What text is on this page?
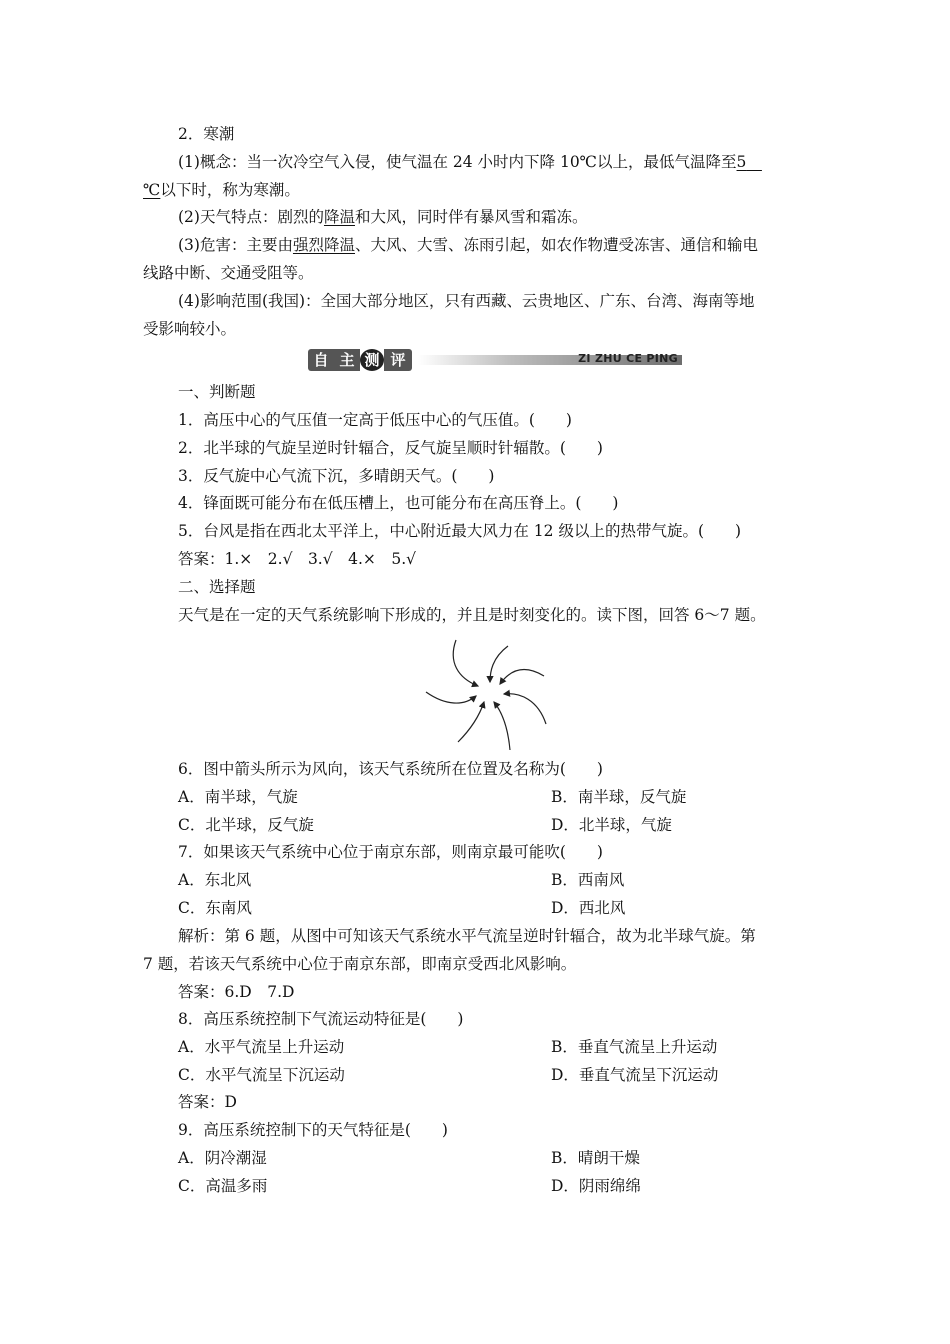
2．寒潮
(1)概念：当一次冷空气入侵，使气温在 24 小时内下降 10℃以上，最低气温降至5　
℃以下时，称为寒潮。
(2)天气特点：剧烈的降温和大风，同时伴有暴风雪和霜冻。
(3)危害：主要由强烈降温、大风、大雪、冻雨引起，如农作物遭受冻害、通信和输电
线路中断、交通受阻等。
(4)影响范围(我国)：全国大部分地区，只有西藏、云贵地区、广东、台湾、海南等地
受影响较小。
自 主 测 评	ZI ZHU CE PING
一、判断题
1．高压中心的气压值一定高于低压中心的气压值。(　　)
2．北半球的气旋呈逆时针辐合，反气旋呈顺时针辐散。(　　)
3．反气旋中心气流下沉，多晴朗天气。(　　)
4．锋面既可能分布在低压槽上，也可能分布在高压脊上。(　　)
5．台风是指在西北太平洋上，中心附近最大风力在 12 级以上的热带气旋。(　　)
答案：1.×　2.√　3.√　4.×　5.√
二、选择题
天气是在一定的天气系统影响下形成的，并且是时刻变化的。读下图，回答 6～7 题。
6．图中箭头所示为风向，该天气系统所在位置及名称为(　　)
A．南半球，气旋	B．南半球，反气旋
C．北半球，反气旋	D．北半球，气旋
7．如果该天气系统中心位于南京东部，则南京最可能吹(　　)
A．东北风	B．西南风
C．东南风	D．西北风
解析：第 6 题，从图中可知该天气系统水平气流呈逆时针辐合，故为北半球气旋。第
7 题，若该天气系统中心位于南京东部，即南京受西北风影响。
答案：6.D　7.D
8．高压系统控制下气流运动特征是(　　)
A．水平气流呈上升运动	B．垂直气流呈上升运动
C．水平气流呈下沉运动	D．垂直气流呈下沉运动
答案：D
9．高压系统控制下的天气特征是(　　)
A．阴冷潮湿	B．晴朗干燥
C．高温多雨	D．阴雨绵绵
